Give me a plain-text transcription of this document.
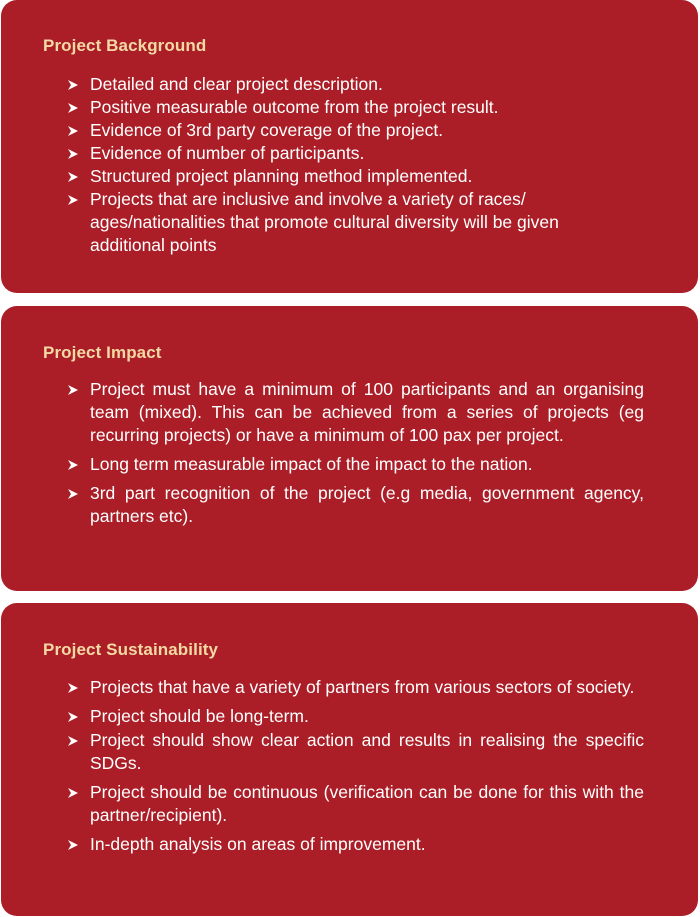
Project Background
Detailed and clear project description.
Positive measurable outcome from the project result.
Evidence of 3rd party coverage of the project.
Evidence of number of participants.
Structured project planning method implemented.
Projects that are inclusive and involve a variety of races/ ages/nationalities that promote cultural diversity will be given additional points
Project Impact
Project must have a minimum of 100 participants and an organising team (mixed). This can be achieved from a series of projects (eg recurring projects) or have a minimum of 100 pax per project.
Long term measurable impact of the impact to the nation.
3rd part recognition of the project (e.g media, government agency, partners etc).
Project Sustainability
Projects that have a variety of partners from various sectors of society.
Project should be long-term.
Project should show clear action and results in realising the specific SDGs.
Project should be continuous (verification can be done for this with the partner/recipient).
In-depth analysis on areas of improvement.
